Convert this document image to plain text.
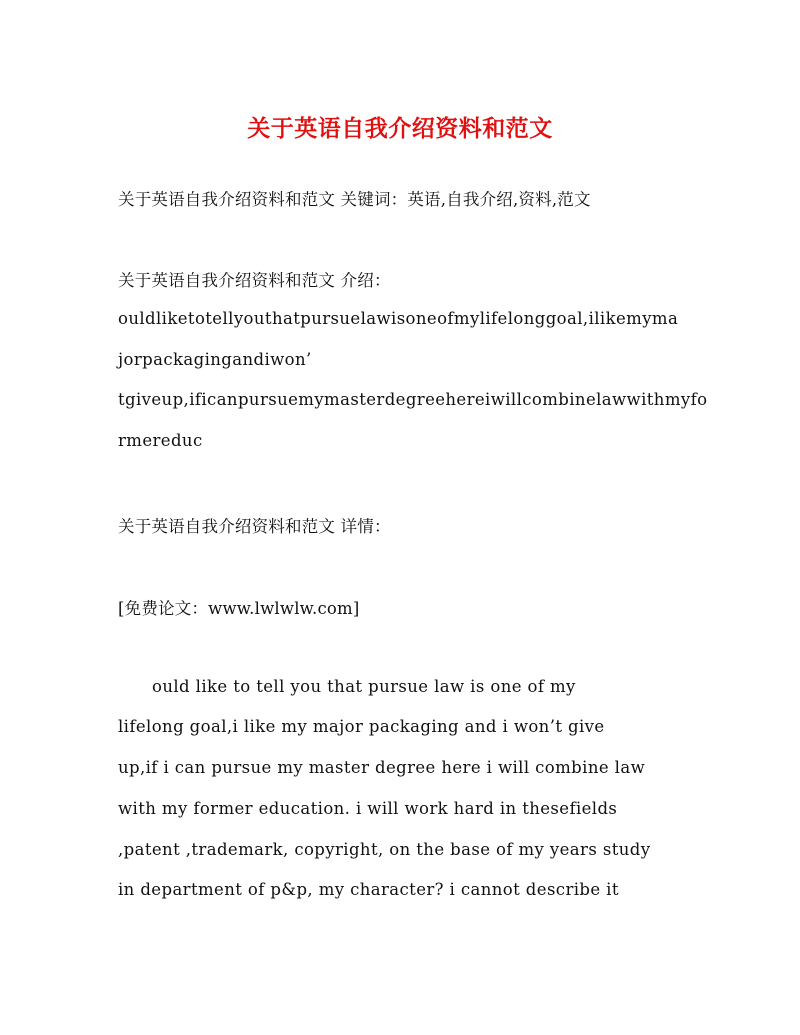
关于英语自我介绍资料和范文
关于英语自我介绍资料和范文 关键词：英语,自我介绍,资料,范文
关于英语自我介绍资料和范文 介绍：
ouldliketotellyouthatpursuelawisoneofmylifelonggoal,ilikemyma
jorpackagingandiwon’
tgiveup,ificanpursuemymasterdegreehereiwillcombinelawwithmyfo
rmereduc
关于英语自我介绍资料和范文 详情：
[免费论文：www.lwlwlw.com]
ould like to tell you that pursue law is one of my
lifelong goal,i like my major packaging and i won’t give
up,if i can pursue my master degree here i will combine law
with my former education. i will work hard in thesefields
,patent ,trademark, copyright, on the base of my years study
in department of p&p, my character? i cannot describe it
